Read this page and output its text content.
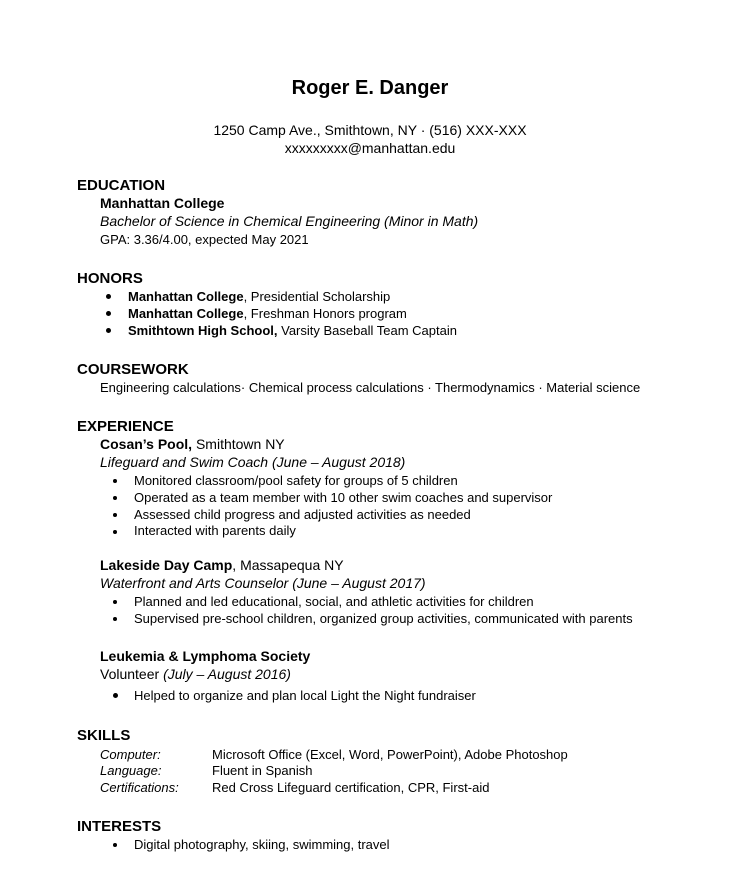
Roger E. Danger
1250 Camp Ave., Smithtown, NY · (516) XXX-XXX
xxxxxxxxx@manhattan.edu
EDUCATION
Manhattan College
Bachelor of Science in Chemical Engineering (Minor in Math)
GPA: 3.36/4.00, expected May 2021
HONORS
Manhattan College, Presidential Scholarship
Manhattan College, Freshman Honors program
Smithtown High School, Varsity Baseball Team Captain
COURSEWORK
Engineering calculations· Chemical process calculations · Thermodynamics · Material science
EXPERIENCE
Cosan’s Pool, Smithtown NY
Lifeguard and Swim Coach (June – August 2018)
Monitored classroom/pool safety for groups of 5 children
Operated as a team member with 10 other swim coaches and supervisor
Assessed child progress and adjusted activities as needed
Interacted with parents daily
Lakeside Day Camp, Massapequa NY
Waterfront and Arts Counselor (June – August 2017)
Planned and led educational, social, and athletic activities for children
Supervised pre-school children, organized group activities, communicated with parents
Leukemia & Lymphoma Society
Volunteer (July – August 2016)
Helped to organize and plan local Light the Night fundraiser
SKILLS
Computer:	Microsoft Office (Excel, Word, PowerPoint), Adobe Photoshop
Language:	Fluent in Spanish
Certifications:	Red Cross Lifeguard certification, CPR, First-aid
INTERESTS
Digital photography, skiing, swimming, travel
